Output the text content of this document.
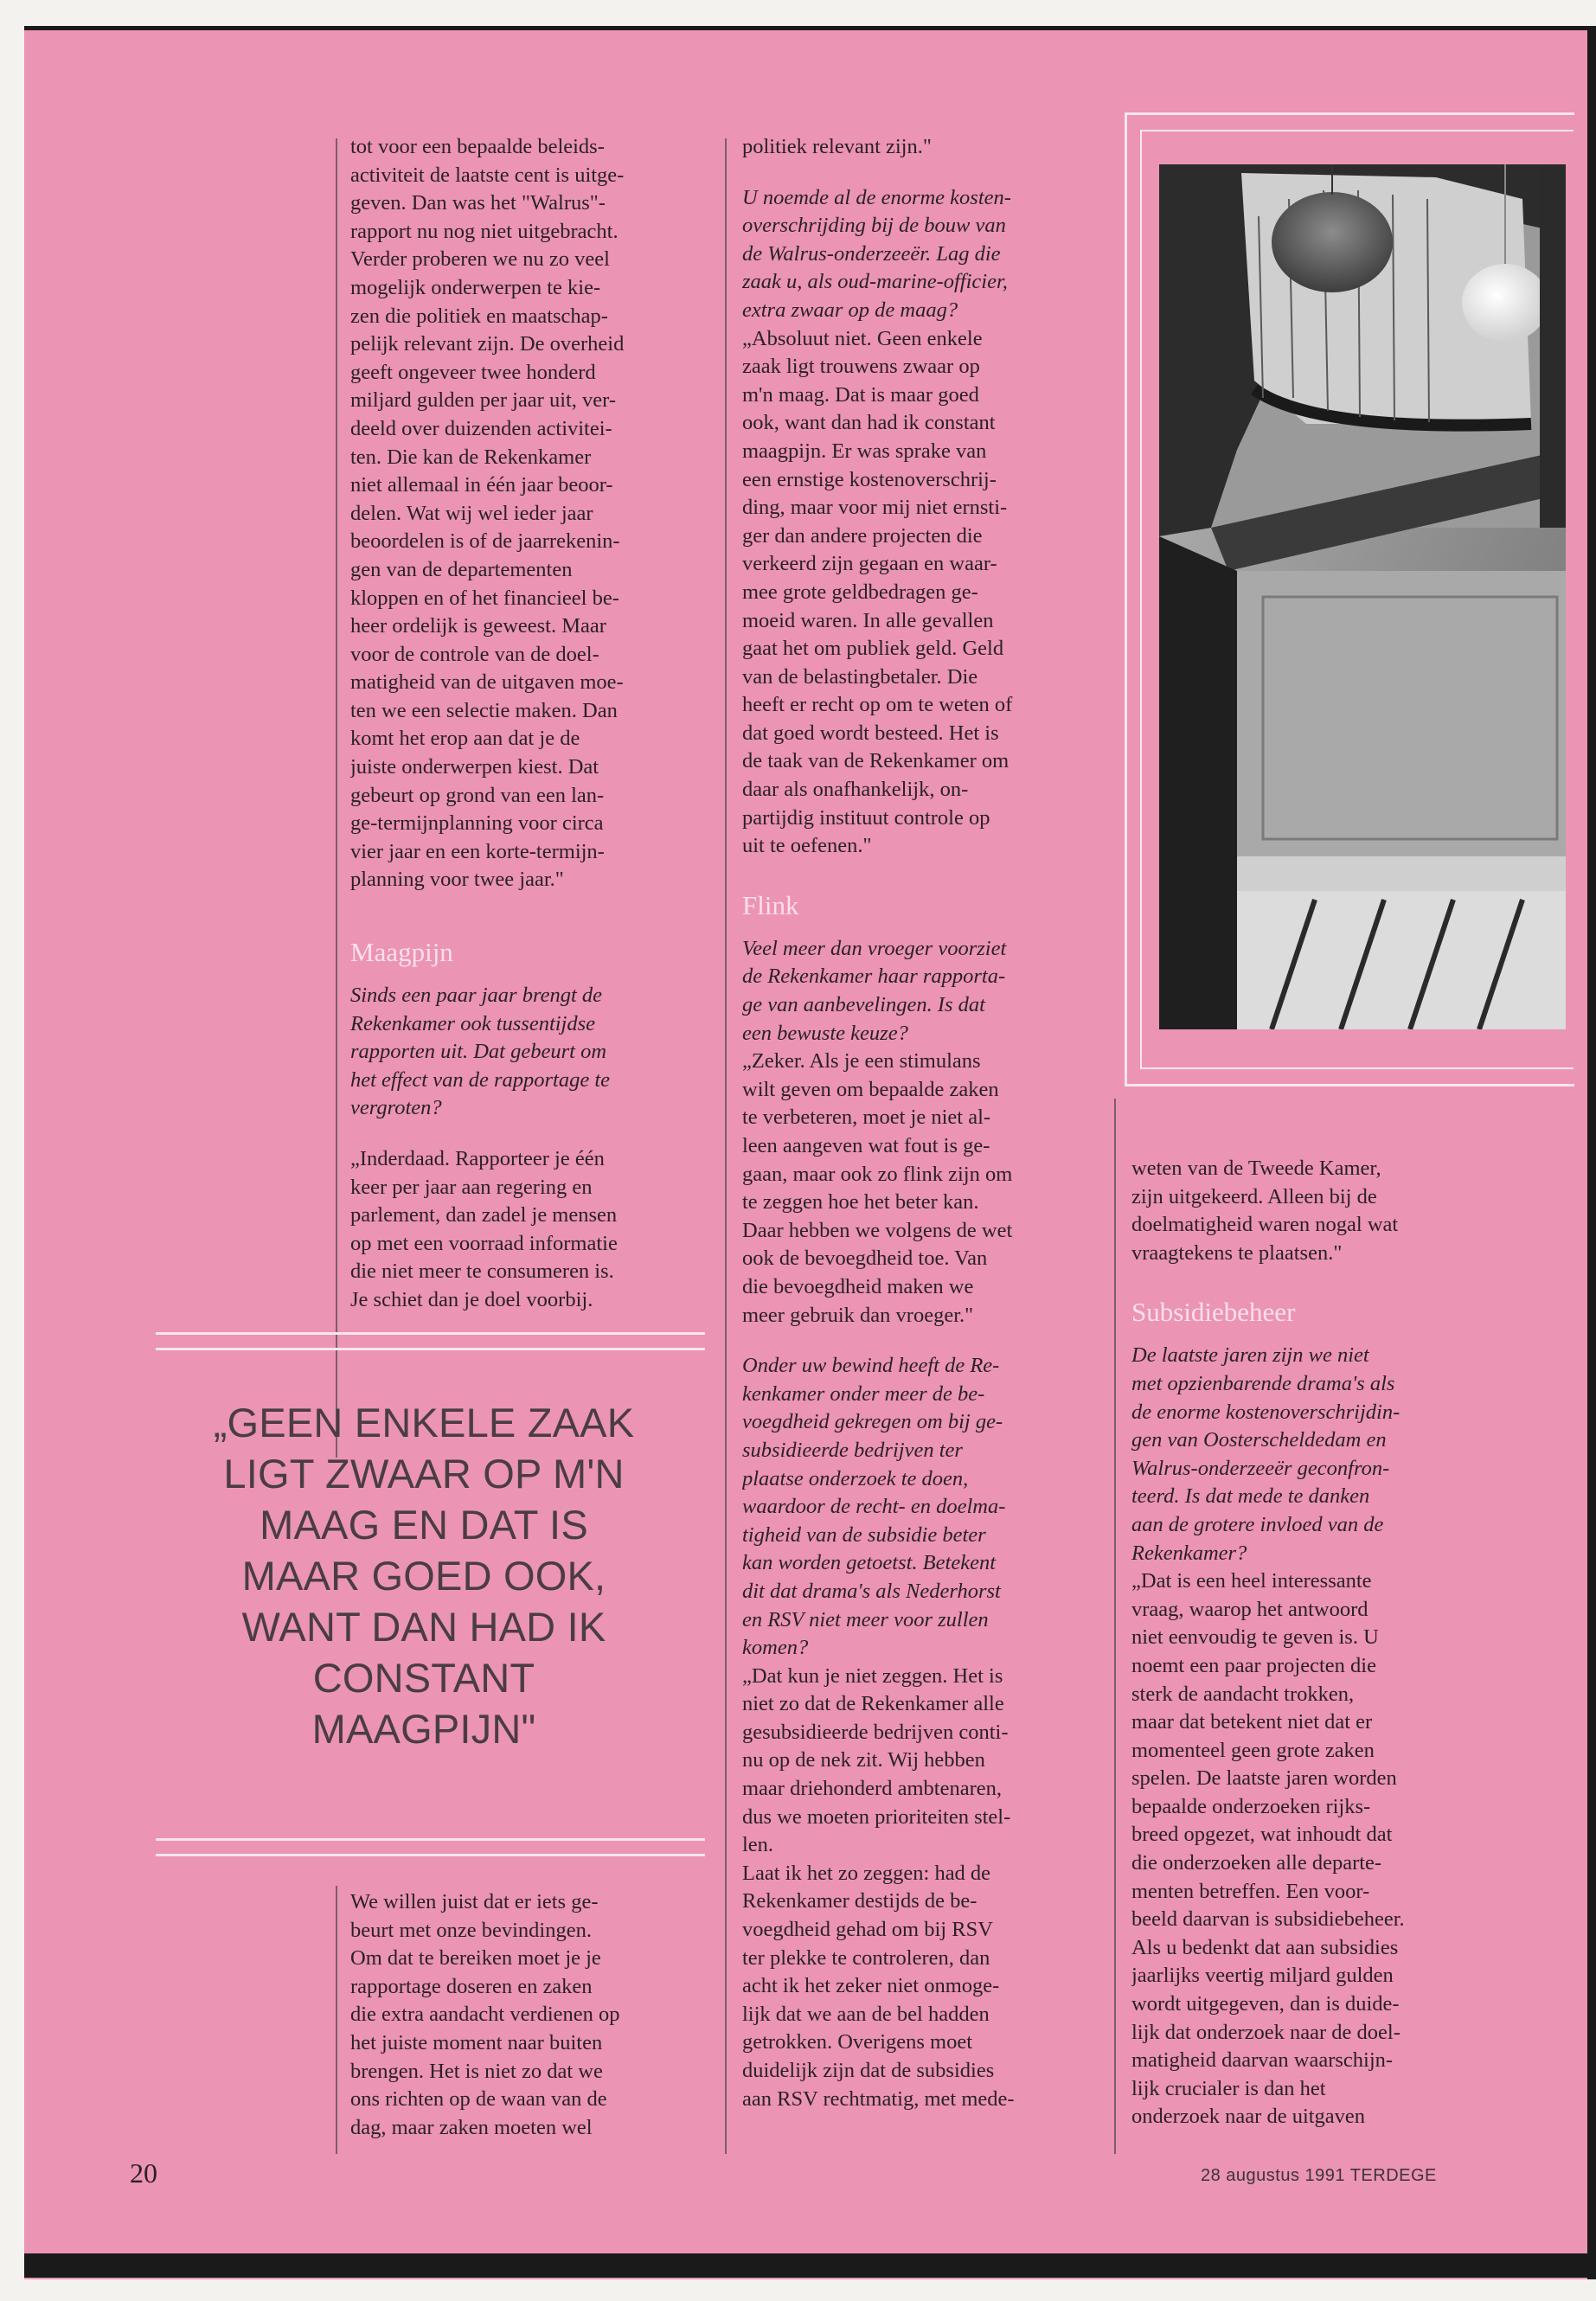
tot voor een bepaalde beleids-

activiteit de laatste cent is uitge-

geven. Dan was het "Walrus"-

rapport nu nog niet uitgebracht.

Verder proberen we nu zo veel

mogelijk onderwerpen te kie-

zen die politiek en maatschap-

pelijk relevant zijn. De overheid

geeft ongeveer twee honderd

miljard gulden per jaar uit, ver-

deeld over duizenden activitei-

ten. Die kan de Rekenkamer

niet allemaal in één jaar beoor-

delen. Wat wij wel ieder jaar

beoordelen is of de jaarrekenin-

gen van de departementen

kloppen en of het financieel be-

heer ordelijk is geweest. Maar

voor de controle van de doel-

matigheid van de uitgaven moe-

ten we een selectie maken. Dan

komt het erop aan dat je de

juiste onderwerpen kiest. Dat

gebeurt op grond van een lan-

ge-termijnplanning voor circa

vier jaar en een korte-termijn-

planning voor twee jaar."

Maagpijn

Sinds een paar jaar brengt de

Rekenkamer ook tussentijdse

rapporten uit. Dat gebeurt om

het effect van de rapportage te

vergroten?

„Inderdaad. Rapporteer je één

keer per jaar aan regering en

parlement, dan zadel je mensen

op met een voorraad informatie

die niet meer te consumeren is.

Je schiet dan je doel voorbij.

„GEEN ENKELE ZAAK
LIGT ZWAAR OP M'N
MAAG EN DAT IS
MAAR GOED OOK,
WANT DAN HAD IK
CONSTANT
MAAGPIJN"

We willen juist dat er iets ge-

beurt met onze bevindingen.

Om dat te bereiken moet je je

rapportage doseren en zaken

die extra aandacht verdienen op

het juiste moment naar buiten

brengen. Het is niet zo dat we

ons richten op de waan van de

dag, maar zaken moeten wel

politiek relevant zijn."

U noemde al de enorme kosten-

overschrijding bij de bouw van

de Walrus-onderzeeër. Lag die

zaak u, als oud-marine-officier,

extra zwaar op de maag?

„Absoluut niet. Geen enkele

zaak ligt trouwens zwaar op

m'n maag. Dat is maar goed

ook, want dan had ik constant

maagpijn. Er was sprake van

een ernstige kostenoverschrij-

ding, maar voor mij niet ernsti-

ger dan andere projecten die

verkeerd zijn gegaan en waar-

mee grote geldbedragen ge-

moeid waren. In alle gevallen

gaat het om publiek geld. Geld

van de belastingbetaler. Die

heeft er recht op om te weten of

dat goed wordt besteed. Het is

de taak van de Rekenkamer om

daar als onafhankelijk, on-

partijdig instituut controle op

uit te oefenen."

Flink

Veel meer dan vroeger voorziet

de Rekenkamer haar rapporta-

ge van aanbevelingen. Is dat

een bewuste keuze?

„Zeker. Als je een stimulans

wilt geven om bepaalde zaken

te verbeteren, moet je niet al-

leen aangeven wat fout is ge-

gaan, maar ook zo flink zijn om

te zeggen hoe het beter kan.

Daar hebben we volgens de wet

ook de bevoegdheid toe. Van

die bevoegdheid maken we

meer gebruik dan vroeger."

Onder uw bewind heeft de Re-

kenkamer onder meer de be-

voegdheid gekregen om bij ge-

subsidieerde bedrijven ter

plaatse onderzoek te doen,

waardoor de recht- en doelma-

tigheid van de subsidie beter

kan worden getoetst. Betekent

dit dat drama's als Nederhorst

en RSV niet meer voor zullen

komen?

„Dat kun je niet zeggen. Het is

niet zo dat de Rekenkamer alle

gesubsidieerde bedrijven conti-

nu op de nek zit. Wij hebben

maar driehonderd ambtenaren,

dus we moeten prioriteiten stel-

len.

Laat ik het zo zeggen: had de

Rekenkamer destijds de be-

voegdheid gehad om bij RSV

ter plekke te controleren, dan

acht ik het zeker niet onmoge-

lijk dat we aan de bel hadden

getrokken. Overigens moet

duidelijk zijn dat de subsidies

aan RSV rechtmatig, met mede-

weten van de Tweede Kamer,

zijn uitgekeerd. Alleen bij de

doelmatigheid waren nogal wat

vraagtekens te plaatsen."

Subsidiebeheer

De laatste jaren zijn we niet

met opzienbarende drama's als

de enorme kostenoverschrijdin-

gen van Oosterscheldedam en

Walrus-onderzeeër geconfron-

teerd. Is dat mede te danken

aan de grotere invloed van de

Rekenkamer?

„Dat is een heel interessante

vraag, waarop het antwoord

niet eenvoudig te geven is. U

noemt een paar projecten die

sterk de aandacht trokken,

maar dat betekent niet dat er

momenteel geen grote zaken

spelen. De laatste jaren worden

bepaalde onderzoeken rijks-

breed opgezet, wat inhoudt dat

die onderzoeken alle departe-

menten betreffen. Een voor-

beeld daarvan is subsidiebeheer.

Als u bedenkt dat aan subsidies

jaarlijks veertig miljard gulden

wordt uitgegeven, dan is duide-

lijk dat onderzoek naar de doel-

matigheid daarvan waarschijn-

lijk crucialer is dan het

onderzoek naar de uitgaven

20	28 augustus 1991 TERDEGE
